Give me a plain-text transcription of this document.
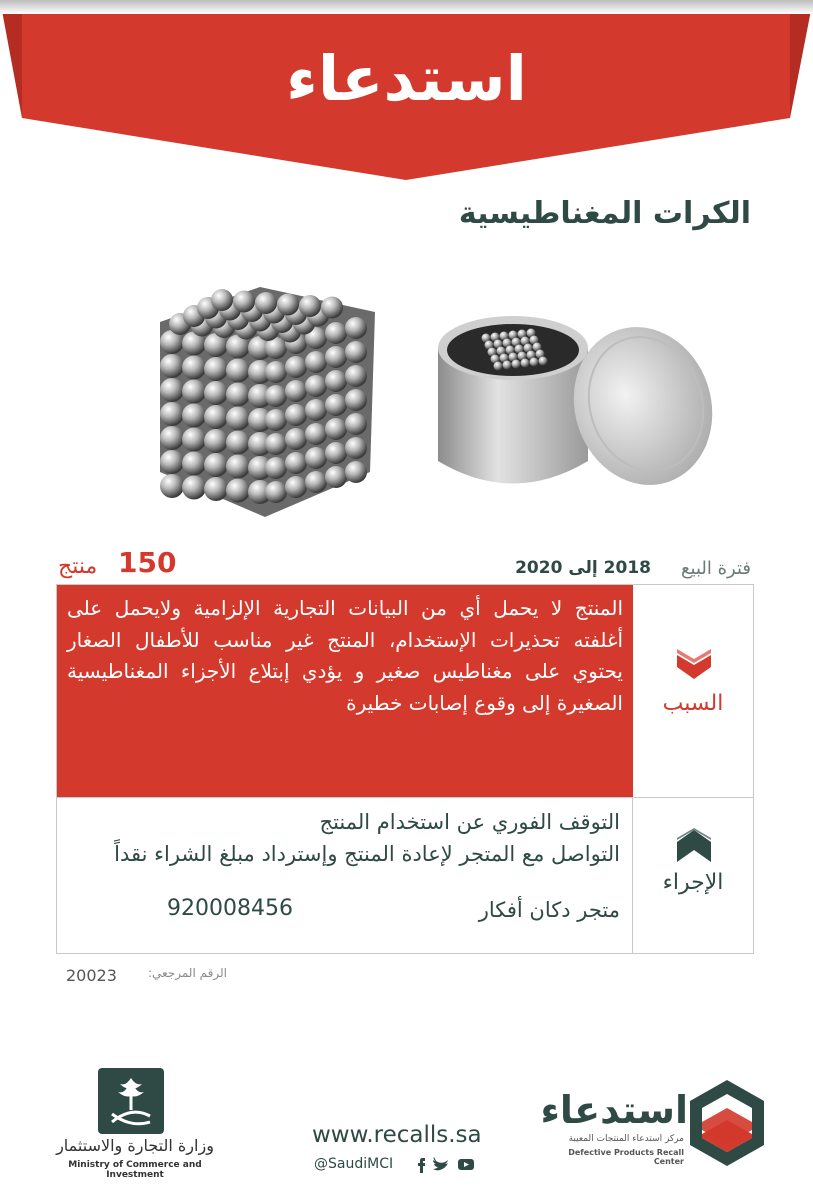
استدعاء
الكرات المغناطيسية
150
منتج	فترة البيع
2018 إلى 2020
المنتج لا يحمل أي من البيانات التجارية الإلزامية ولايحمل على أغلفته تحذيرات الإستخدام، المنتج غير مناسب للأطفال الصغار يحتوي على مغناطيس صغير و يؤدي إبتلاع الأجزاء المغناطيسية الصغيرة إلى وقوع إصابات خطيرة	السبب
التوقف الفوري عن استخدام المنتج
التواصل مع المتجر لإعادة المنتج وإسترداد مبلغ الشراء نقداً
متجر دكان أفكار
920008456
الإجراء
الرقم المرجعي:
20023
وزارة التجارة والاستثمار
Ministry of Commerce and Investment
www.recalls.sa
@SaudiMCI
استدعاء
مركز استدعاء المنتجات المعيبة
Defective Products Recall Center
